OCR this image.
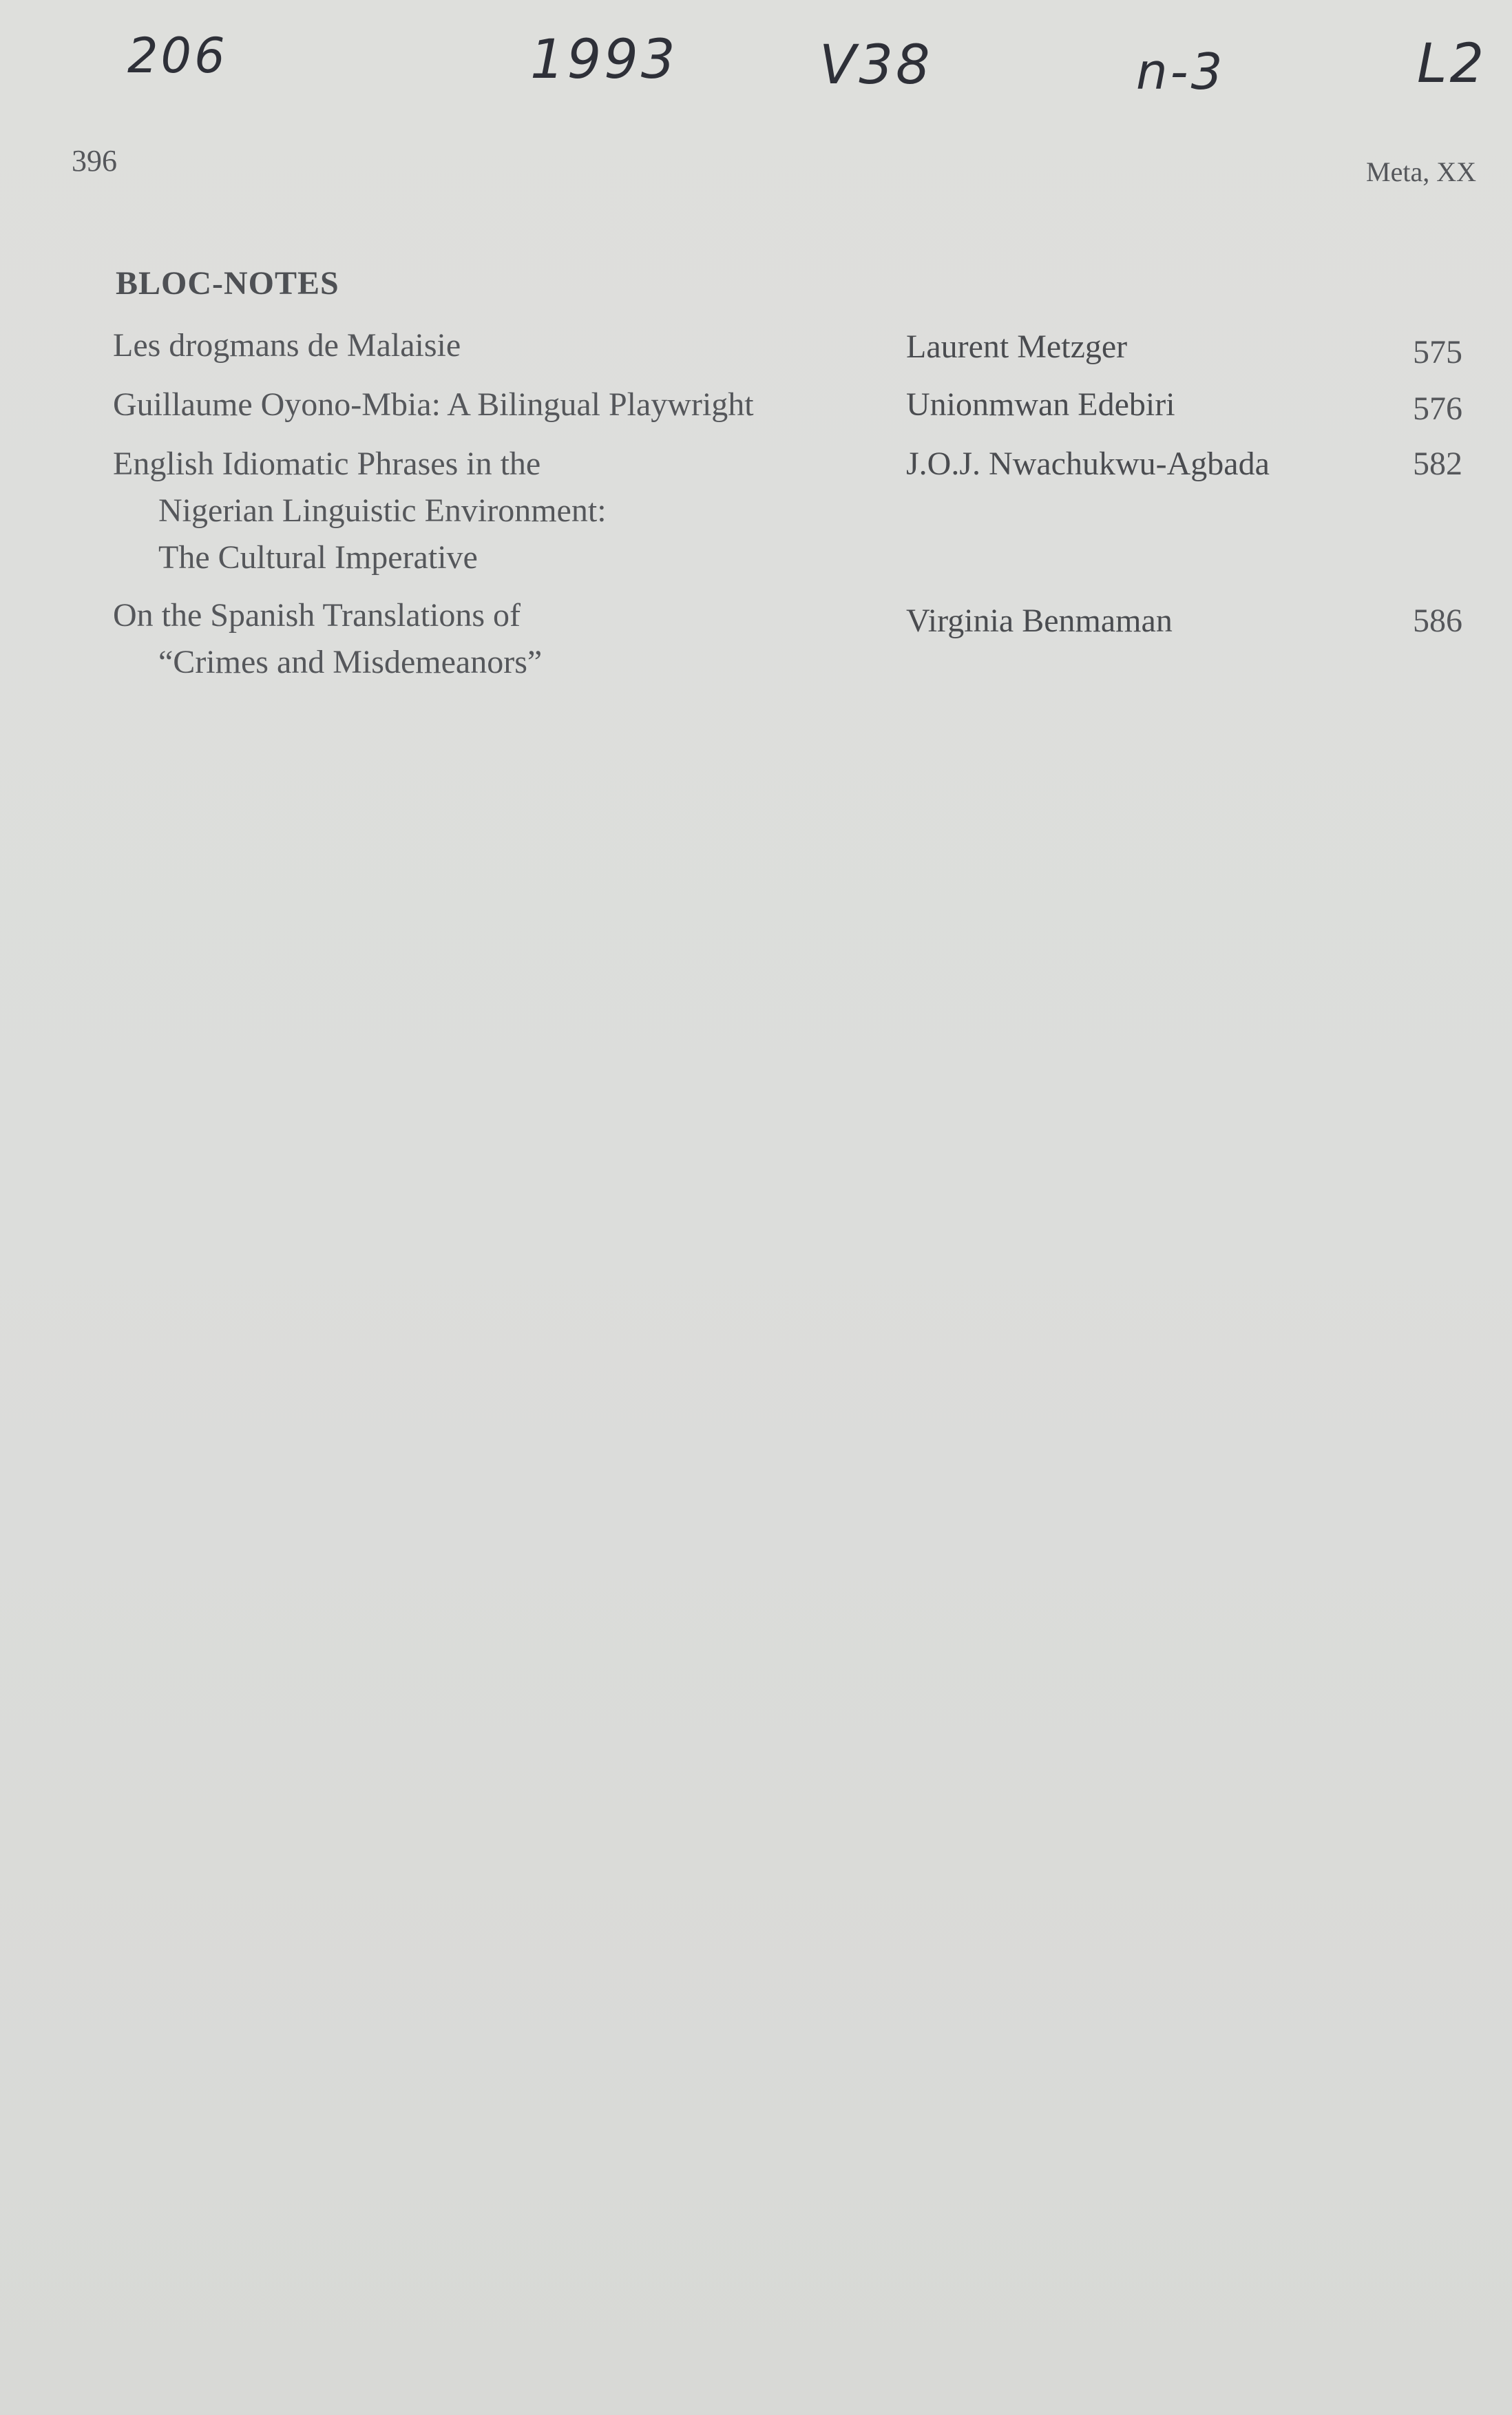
206	1993	V38	n-3	L2
396	Meta, XX
BLOC-NOTES
Les drogmans de Malaisie	Laurent Metzger	575
Guillaume Oyono-Mbia: A Bilingual Playwright	Unionmwan Edebiri	576
English Idiomatic Phrases in the
Nigerian Linguistic Environment:
The Cultural Imperative
J.O.J. Nwachukwu-Agbada	582
On the Spanish Translations of
“Crimes and Misdemeanors”
Virginia Benmaman	586
